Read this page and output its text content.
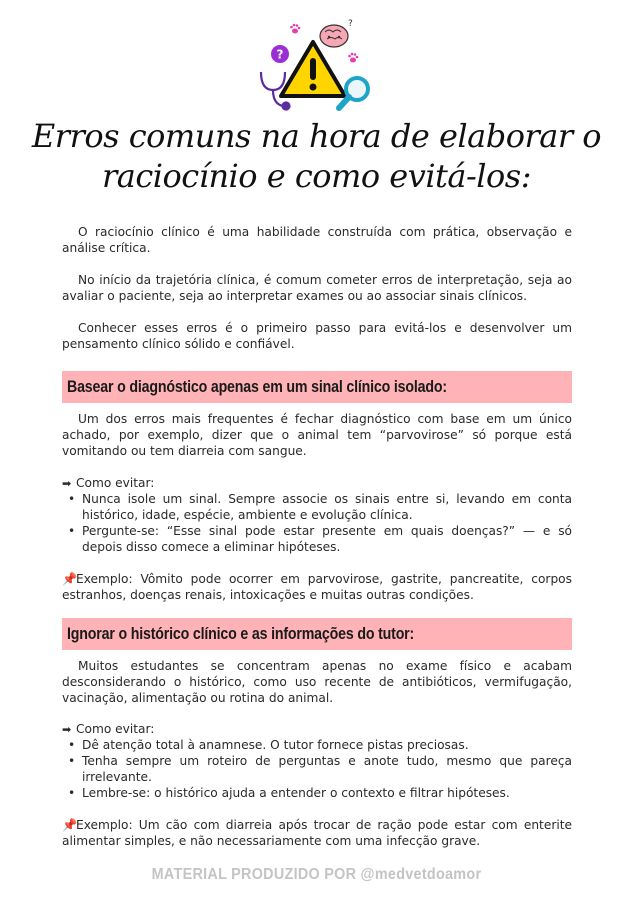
?
?
Erros comuns na hora de elaborar o
raciocínio e como evitá-los:

O raciocínio clínico é uma habilidade construída com prática, observação e análise crítica.

No início da trajetória clínica, é comum cometer erros de interpretação, seja ao avaliar o paciente, seja ao interpretar exames ou ao associar sinais clínicos.

Conhecer esses erros é o primeiro passo para evitá-los e desenvolver um pensamento clínico sólido e confiável.

Basear o diagnóstico apenas em um sinal clínico isolado:

Um dos erros mais frequentes é fechar diagnóstico com base em um único achado, por exemplo, dizer que o animal tem “parvovirose” só porque está vomitando ou tem diarreia com sangue.

➡ Como evitar:
• Nunca isole um sinal. Sempre associe os sinais entre si, levando em conta histórico, idade, espécie, ambiente e evolução clínica.
• Pergunte-se: “Esse sinal pode estar presente em quais doenças?” — e só depois disso comece a eliminar hipóteses.

📌Exemplo: Vômito pode ocorrer em parvovirose, gastrite, pancreatite, corpos estranhos, doenças renais, intoxicações e muitas outras condições.

Ignorar o histórico clínico e as informações do tutor:

Muitos estudantes se concentram apenas no exame físico e acabam desconsiderando o histórico, como uso recente de antibióticos, vermifugação, vacinação, alimentação ou rotina do animal.

➡ Como evitar:
• Dê atenção total à anamnese. O tutor fornece pistas preciosas.
• Tenha sempre um roteiro de perguntas e anote tudo, mesmo que pareça irrelevante.
• Lembre-se: o histórico ajuda a entender o contexto e filtrar hipóteses.

📌Exemplo: Um cão com diarreia após trocar de ração pode estar com enterite alimentar simples, e não necessariamente com uma infecção grave.

MATERIAL PRODUZIDO POR @medvetdoamor
